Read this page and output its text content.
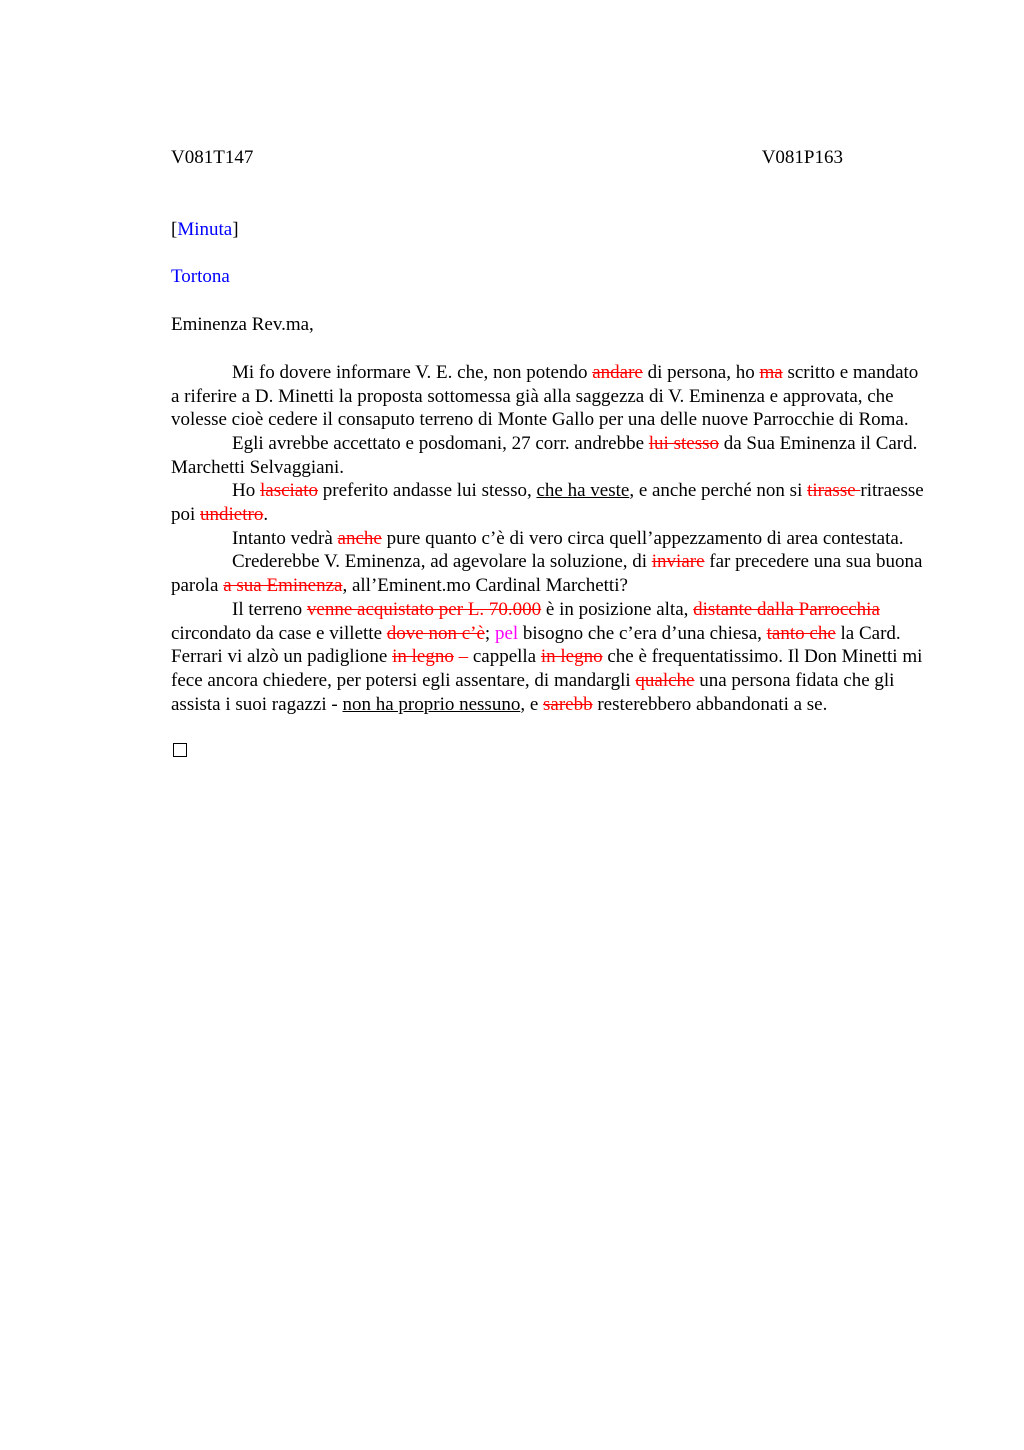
V081T147	V081P163
[Minuta]
Tortona
Eminenza Rev.ma,

Mi fo dovere informare V. E. che, non potendo andare di persona, ho ma scritto e mandato a riferire a D. Minetti la proposta sottomessa già alla saggezza di V. Eminenza e approvata, che volesse cioè cedere il consaputo terreno di Monte Gallo per una delle nuove Parrocchie di Roma.

Egli avrebbe accettato e posdomani, 27 corr. andrebbe lui stesso da Sua Eminenza il Card. Marchetti Selvaggiani.

Ho lasciato preferito andasse lui stesso, che ha veste, e anche perché non si tirasse ritraesse poi undietro.

Intanto vedrà anche pure quanto c’è di vero circa quell’appezzamento di area contestata.

Crederebbe V. Eminenza, ad agevolare la soluzione, di inviare far precedere una sua buona parola a sua Eminenza, all’Eminent.mo Cardinal Marchetti?

Il terreno venne acquistato per L. 70.000 è in posizione alta, distante dalla Parrocchia circondato da case e villette dove non c’è; pel bisogno che c’era d’una chiesa, tanto che la Card. Ferrari vi alzò un padiglione in legno – cappella in legno che è frequentatissimo. Il Don Minetti mi fece ancora chiedere, per potersi egli assentare, di mandargli qualche una persona fidata che gli assista i suoi ragazzi - non ha proprio nessuno, e sarebb resterebbero abbandonati a se.
